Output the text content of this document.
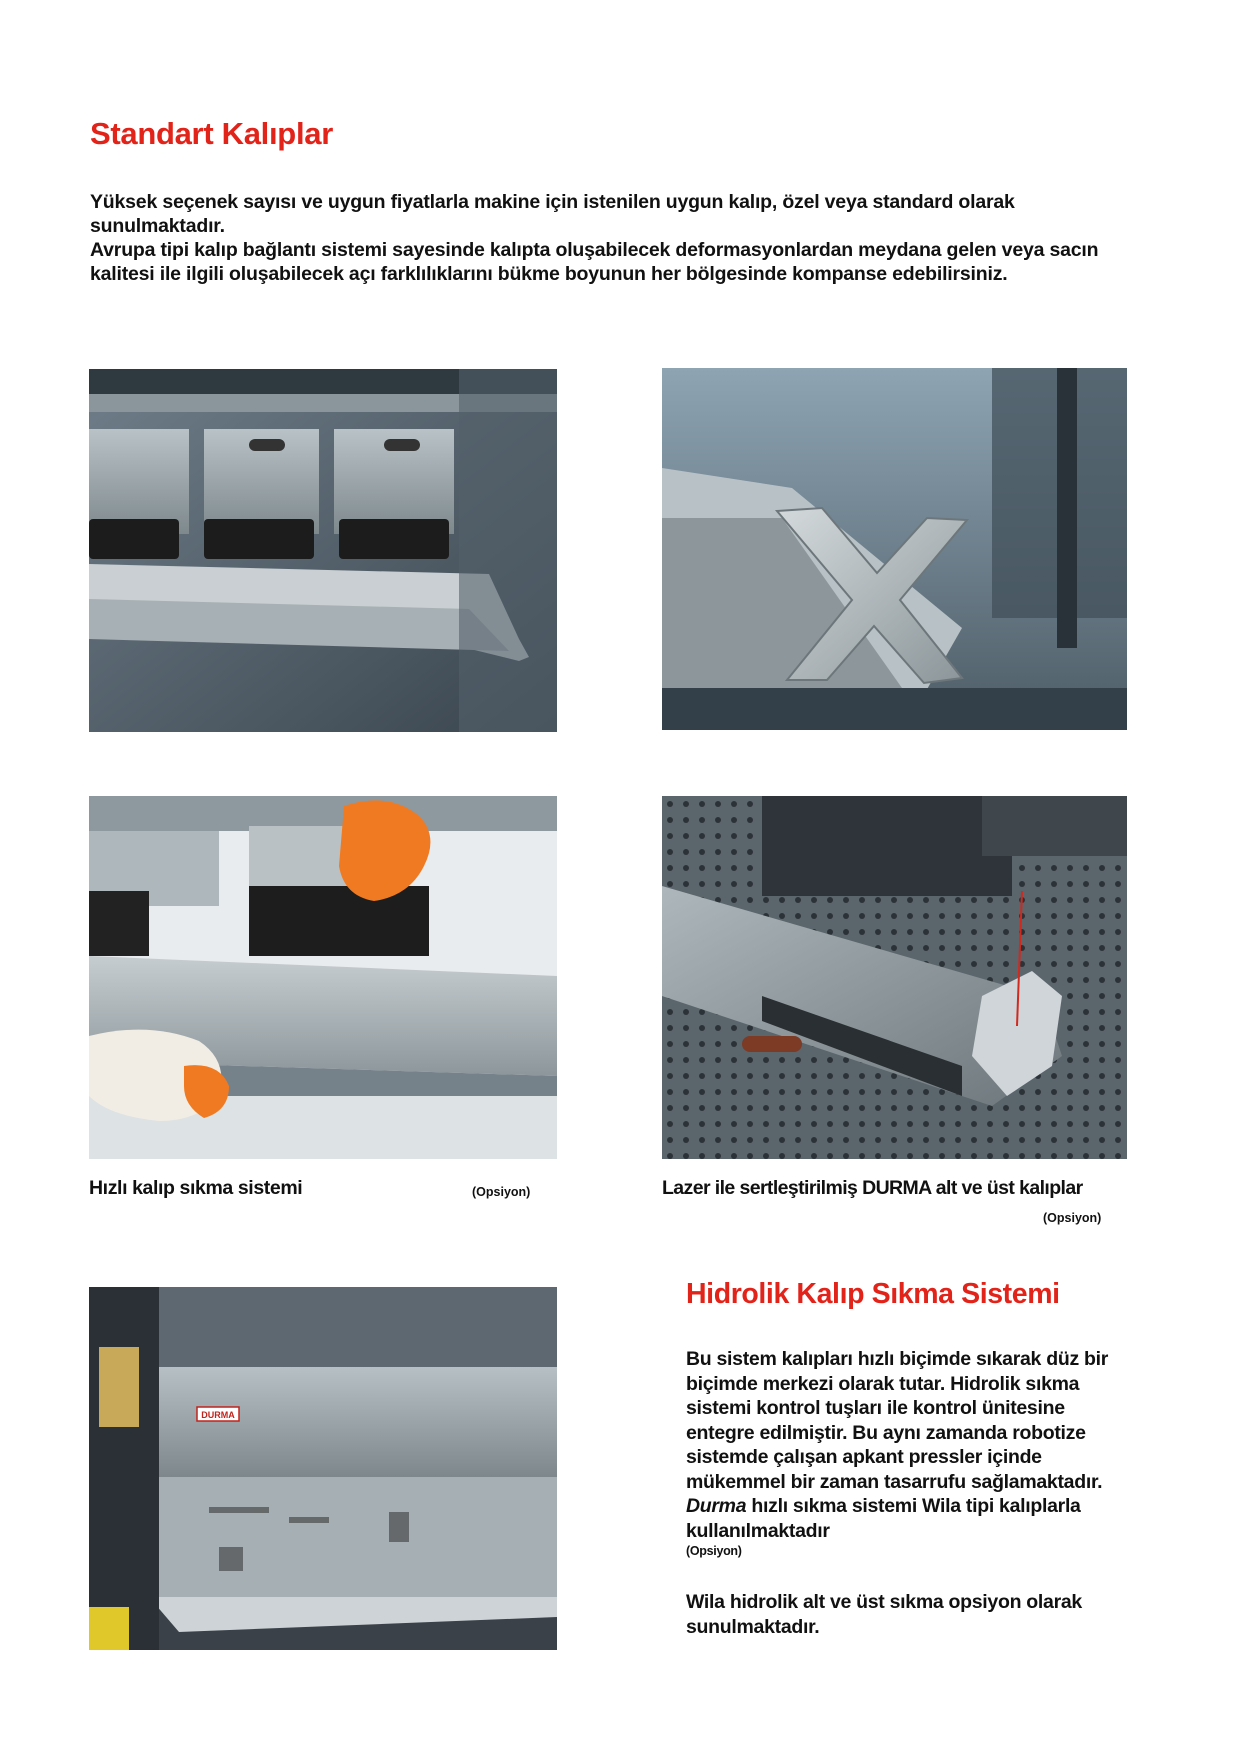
Standart Kalıplar

Yüksek seçenek sayısı ve uygun fiyatlarla makine için istenilen uygun kalıp, özel veya standard olarak sunulmaktadır.

Avrupa tipi kalıp bağlantı sistemi sayesinde kalıpta oluşabilecek deformasyonlardan meydana gelen veya sacın kalitesi ile ilgili oluşabilecek açı farklılıklarını bükme boyunun her bölgesinde kompanse edebilirsiniz.

Hızlı kalıp sıkma sistemi	(Opsiyon)	Lazer ile sertleştirilmiş DURMA alt ve üst kalıplar
(Opsiyon)
DURMA
Hidrolik Kalıp Sıkma Sistemi

Bu sistem kalıpları hızlı biçimde sıkarak düz bir biçimde merkezi olarak tutar. Hidrolik sıkma sistemi kontrol tuşları ile kontrol ünitesine entegre edilmiştir. Bu aynı zamanda robotize sistemde çalışan apkant pressler içinde mükemmel bir zaman tasarrufu sağlamaktadır. Durma hızlı sıkma sistemi Wila tipi kalıplarla kullanılmaktadır

(Opsiyon)

Wila hidrolik alt ve üst sıkma opsiyon olarak sunulmaktadır.
